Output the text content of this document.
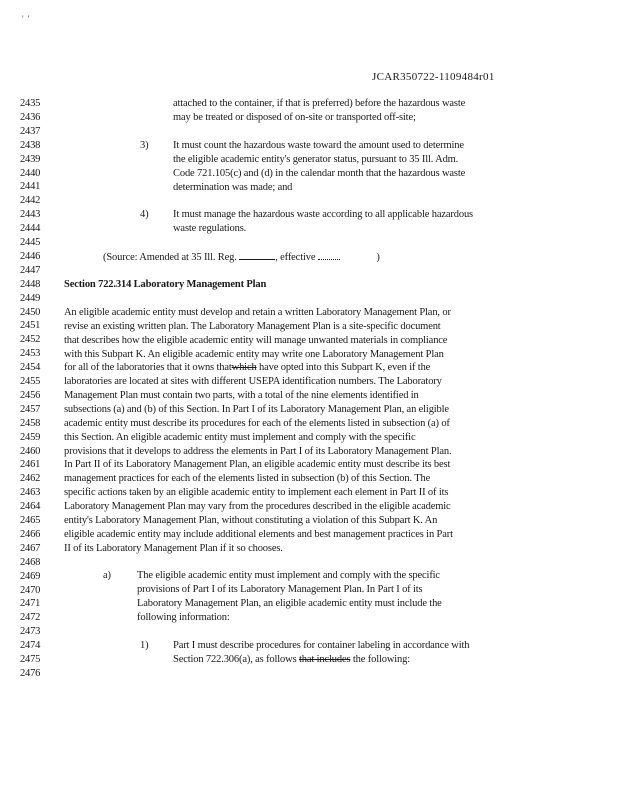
' '
JCAR350722-1109484r01
2435
2436
2437
2438
2439
2440
2441
2442
2443
2444
2445
2446
2447
2448
2449
2450
2451
2452
2453
2454
2455
2456
2457
2458
2459
2460
2461
2462
2463
2464
2465
2466
2467
2468
2469
2470
2471
2472
2473
2474
2475
2476
attached to the container, if that is preferred) before the hazardous waste
may be treated or disposed of on-site or transported off-site;
3) It must count the hazardous waste toward the amount used to determine
the eligible academic entity's generator status, pursuant to 35 Ill. Adm.
Code 721.105(c) and (d) in the calendar month that the hazardous waste
determination was made; and
4) It must manage the hazardous waste according to all applicable hazardous
waste regulations.
(Source: Amended at 35 Ill. Reg.	, effective	)
Section 722.314 Laboratory Management Plan
An eligible academic entity must develop and retain a written Laboratory Management Plan, or
revise an existing written plan. The Laboratory Management Plan is a site-specific document
that describes how the eligible academic entity will manage unwanted materials in compliance
with this Subpart K. An eligible academic entity may write one Laboratory Management Plan
for all of the laboratories that it owns thatwhich have opted into this Subpart K, even if the
laboratories are located at sites with different USEPA identification numbers. The Laboratory
Management Plan must contain two parts, with a total of the nine elements identified in
subsections (a) and (b) of this Section. In Part I of its Laboratory Management Plan, an eligible
academic entity must describe its procedures for each of the elements listed in subsection (a) of
this Section. An eligible academic entity must implement and comply with the specific
provisions that it develops to address the elements in Part I of its Laboratory Management Plan.
In Part II of its Laboratory Management Plan, an eligible academic entity must describe its best
management practices for each of the elements listed in subsection (b) of this Section. The
specific actions taken by an eligible academic entity to implement each element in Part II of its
Laboratory Management Plan may vary from the procedures described in the eligible academic
entity's Laboratory Management Plan, without constituting a violation of this Subpart K. An
eligible academic entity may include additional elements and best management practices in Part
II of its Laboratory Management Plan if it so chooses.
a) The eligible academic entity must implement and comply with the specific
provisions of Part I of its Laboratory Management Plan. In Part I of its
Laboratory Management Plan, an eligible academic entity must include the
following information:
1) Part I must describe procedures for container labeling in accordance with
Section 722.306(a), as follows that includes the following:
